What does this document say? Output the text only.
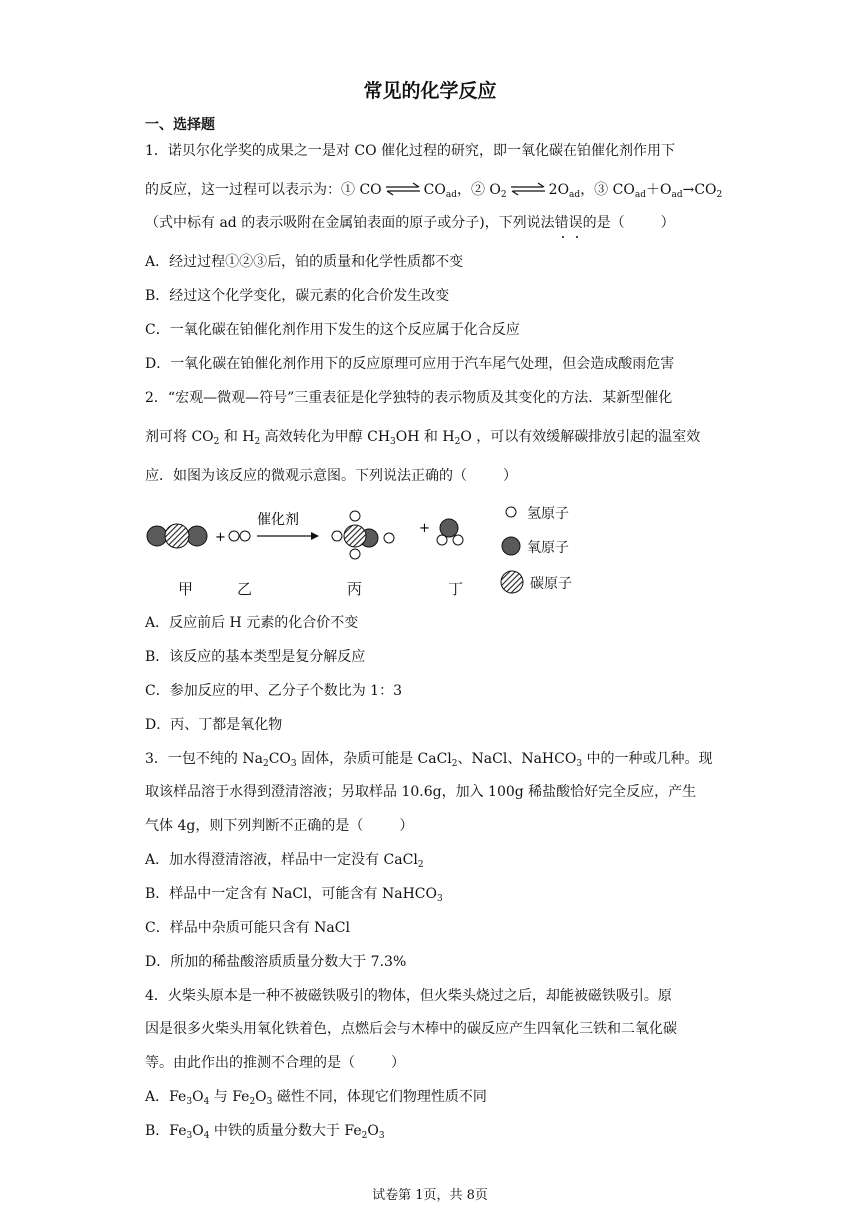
常见的化学反应
一、选择题
1．诺贝尔化学奖的成果之一是对 CO 催化过程的研究，即一氧化碳在铂催化剂作用下
的反应，这一过程可以表示为：① CO ⇌ $CO_{ad}$，② $O_2$ ⇌ $2O_{ad}$，③ $CO_{ad}+O_{ad}\to CO_2$
（式中标有 ad 的表示吸附在金属铂表面的原子或分子)，下列说法错误的是（	）
A．经过过程①②③后，铂的质量和化学性质都不变
B．经过这个化学变化，碳元素的化合价发生改变
C．一氧化碳在铂催化剂作用下发生的这个反应属于化合反应
D．一氧化碳在铂催化剂作用下的反应原理可应用于汽车尾气处理，但会造成酸雨危害
2．“宏观—微观—符号”三重表征是化学独特的表示物质及其变化的方法．某新型催化
剂可将 $CO_2$ 和 $H_2$ 高效转化为甲醇 $CH_3OH$ 和 $H_2O$ ，可以有效缓解碳排放引起的温室效
应．如图为该反应的微观示意图。下列说法正确的（	）
+
催化剂
+
氢原子
氧原子
碳原子
甲	乙	丙	丁
A．反应前后 H 元素的化合价不变
B．该反应的基本类型是复分解反应
C．参加反应的甲、乙分子个数比为 1：3
D．丙、丁都是氧化物
3．一包不纯的 $Na_2CO_3$ 固体，杂质可能是 CaCl$_2$、NaCl、NaHCO$_3$ 中的一种或几种。现
取该样品溶于水得到澄清溶液；另取样品 10.6g，加入 100g 稀盐酸恰好完全反应，产生
气体 4g，则下列判断不正确的是（	）
A．加水得澄清溶液，样品中一定没有 CaCl$_2$
B．样品中一定含有 NaCl，可能含有 NaHCO$_3$
C．样品中杂质可能只含有 NaCl
D．所加的稀盐酸溶质质量分数大于 7.3%
4．火柴头原本是一种不被磁铁吸引的物体，但火柴头烧过之后，却能被磁铁吸引。原
因是很多火柴头用氧化铁着色，点燃后会与木棒中的碳反应产生四氧化三铁和二氧化碳
等。由此作出的推测不合理的是（	）
A．$Fe_3O_4$ 与 $Fe_2O_3$ 磁性不同，体现它们物理性质不同
B．$Fe_3O_4$ 中铁的质量分数大于 $Fe_2O_3$
试卷第 1页，共 8页
